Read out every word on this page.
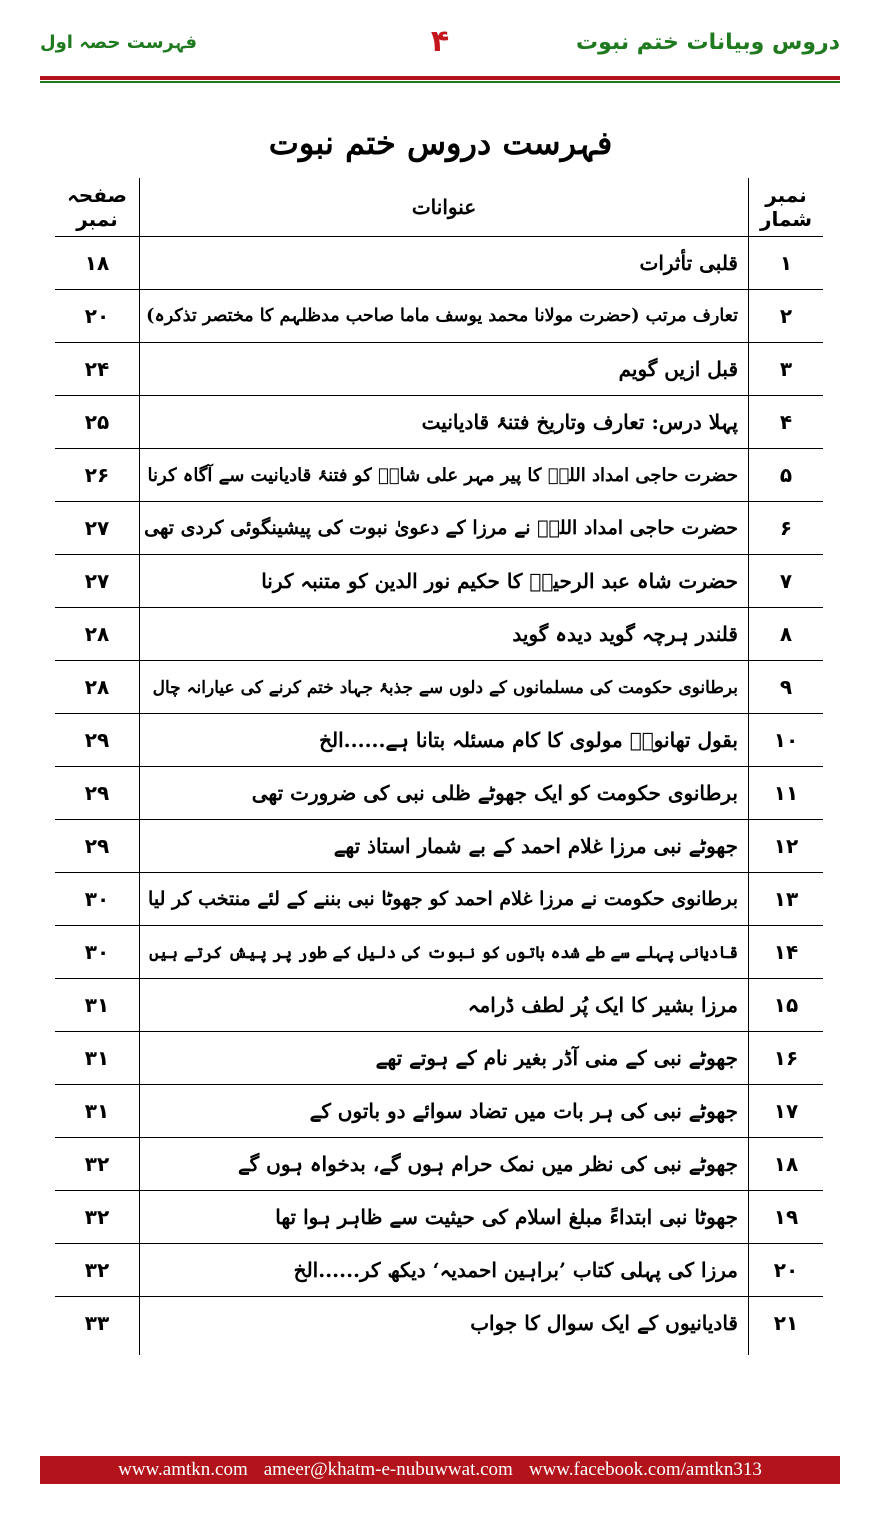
دروس وبیانات ختم نبوت
۴
فہرست حصہ اول
فہرست دروس ختم نبوت
نمبر شمار
عنوانات
صفحہ نمبر
۱
قلبی تأثرات
۱۸
۲
تعارف مرتب (حضرت مولانا محمد یوسف ماما صاحب مدظلہم کا مختصر تذکرہ)
۲۰
۳
قبل ازیں گویم
۲۴
۴
پہلا درس: تعارف وتاریخ فتنۂ قادیانیت
۲۵
۵
حضرت حاجی امداد اللہؒ کا پیر مہر علی شاہؒ کو فتنۂ قادیانیت سے آگاہ کرنا
۲۶
۶
حضرت حاجی امداد اللہؒ نے مرزا کے دعویٰ نبوت کی پیشینگوئی کردی تھی
۲۷
۷
حضرت شاہ عبد الرحیمؒ کا حکیم نور الدین کو متنبہ کرنا
۲۷
۸
قلندر ہرچہ گوید دیدہ گوید
۲۸
۹
برطانوی حکومت کی مسلمانوں کے دلوں سے جذبۂ جہاد ختم کرنے کی عیارانہ چال
۲۸
۱۰
بقول تھانویؒ مولوی کا کام مسئلہ بتانا ہے......الخ
۲۹
۱۱
برطانوی حکومت کو ایک جھوٹے ظلی نبی کی ضرورت تھی
۲۹
۱۲
جھوٹے نبی مرزا غلام احمد کے بے شمار استاذ تھے
۲۹
۱۳
برطانوی حکومت نے مرزا غلام احمد کو جھوٹا نبی بننے کے لئے منتخب کر لیا
۳۰
۱۴
قادیانی پہلے سے طے شدہ باتوں کو نبوت کی دلیل کے طور پر پیش کرتے ہیں
۳۰
۱۵
مرزا بشیر کا ایک پُر لطف ڈرامہ
۳۱
۱۶
جھوٹے نبی کے منی آڈر بغیر نام کے ہوتے تھے
۳۱
۱۷
جھوٹے نبی کی ہر بات میں تضاد سوائے دو باتوں کے
۳۱
۱۸
جھوٹے نبی کی نظر میں نمک حرام ہوں گے، بدخواہ ہوں گے
۳۲
۱۹
جھوٹا نبی ابتداءً مبلغ اسلام کی حیثیت سے ظاہر ہوا تھا
۳۲
۲۰
مرزا کی پہلی کتاب ’براہین احمدیہ‘ دیکھ کر......الخ
۳۲
۲۱
قادیانیوں کے ایک سوال کا جواب
۳۳
www.amtkn.com ameer@khatm-e-nubuwwat.com www.facebook.com/amtkn313
